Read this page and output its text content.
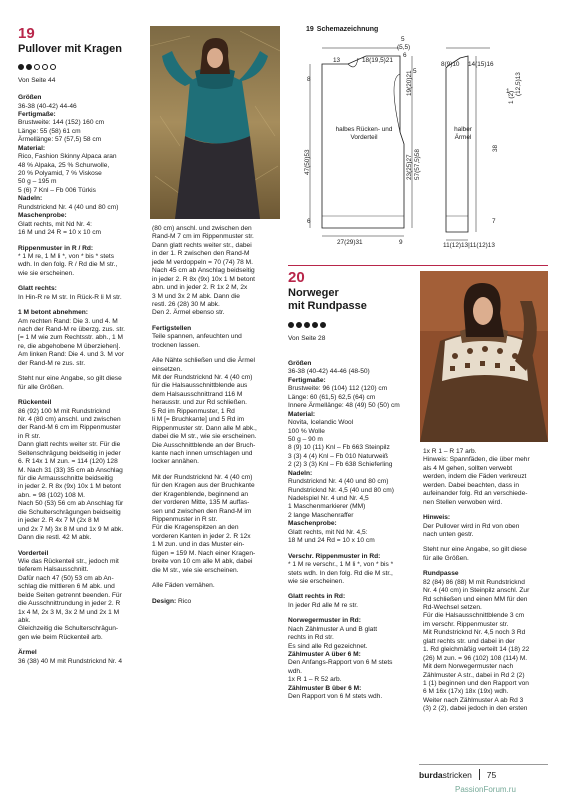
19
Pullover mit Kragen
Von Seite 44
Größen
36-38 (40-42) 44-46
Fertigmaße:
Brustweite: 144 (152) 160 cm
Länge: 55 (58) 61 cm
Ärmellänge: 57 (57,5) 58 cm
Material:
Rico, Fashion Skinny Alpaca aran
48 % Alpaka, 25 % Schurwolle,
20 % Polyamid, 7 % Viskose
50 g – 195 m
5 (6) 7 Knl – Fb 006 Türkis
Nadeln:
Rundstricknd Nr. 4 (40 und 80 cm)
Maschenprobe:
Glatt rechts, mit Nd Nr. 4:
16 M und 24 R = 10 x 10 cm
Rippenmuster in R / Rd:
* 1 M re, 1 M li *, von * bis * stets
wdh. In den folg. R / Rd die M str.,
wie sie erscheinen.
Glatt rechts:
In Hin-R re M str. In Rück-R li M str.
1 M betont abnehmen:
Am rechten Rand: Die 3. und 4. M
nach der Rand-M re überzg. zus. str.
[= 1 M wie zum Rechtsstr. abh., 1 M
re, die abgehobene M überziehen].
Am linken Rand: Die 4. und 3. M vor
der Rand-M re zus. str.
Steht nur eine Angabe, so gilt diese
für alle Größen.
Rückenteil
86 (92) 100 M mit Rundstricknd
Nr. 4 (80 cm) anschl. und zwischen
der Rand-M 6 cm im Rippenmuster
in R str.
Dann glatt rechts weiter str. Für die
Seitenschrägung beidseitig in jeder
6. R 14x 1 M zun. = 114 (120) 128
M. Nach 31 (33) 35 cm ab Anschlag
für die Armausschnitte beidseitig
in jeder 2. R 8x (9x) 10x 1 M betont
abn. = 98 (102) 108 M.
Nach 50 (53) 56 cm ab Anschlag für
die Schulterschrägungen beidseitig
in jeder 2. R 4x 7 M (2x 8 M
und 2x 7 M) 3x 8 M und 1x 9 M abk.
Dann die restl. 42 M abk.
Vorderteil
Wie das Rückenteil str., jedoch mit
tieferem Halsausschnitt.
Dafür nach 47 (50) 53 cm ab An-
schlag die mittleren 6 M abk. und
beide Seiten getrennt beenden. Für
die Ausschnittrundung in jeder 2. R
1x 4 M, 2x 3 M, 3x 2 M und 2x 1 M
abk.
Gleichzeitig die Schulterschrägun-
gen wie beim Rückenteil arb.
Ärmel
36 (38) 40 M mit Rundstricknd Nr. 4
(80 cm) anschl. und zwischen den
Rand-M 7 cm im Rippenmuster str.
Dann glatt rechts weiter str., dabei
in der 1. R zwischen den Rand-M
jede M verdoppeln = 70 (74) 78 M.
Nach 45 cm ab Anschlag beidseitig
in jeder 2. R 8x (9x) 10x 1 M betont
abn. und in jeder 2. R 1x 2 M, 2x
3 M und 3x 2 M abk. Dann die
restl. 26 (28) 30 M abk.
Den 2. Ärmel ebenso str.
Fertigstellen
Teile spannen, anfeuchten und
trocknen lassen.
Alle Nähte schließen und die Ärmel
einsetzen.
Mit der Rundstricknd Nr. 4 (40 cm)
für die Halsausschnittblende aus
dem Halsausschnittrand 116 M
herausstr. und zur Rd schließen.
5 Rd im Rippenmuster, 1 Rd
li M [= Bruchkante] und 5 Rd im
Rippenmuster str. Dann alle M abk.,
dabei die M str., wie sie erscheinen.
Die Ausschnittblende an der Bruch-
kante nach innen umschlagen und
locker annähen.
Mit der Rundstricknd Nr. 4 (40 cm)
für den Kragen aus der Bruchkante
der Kragenblende, beginnend an
der vorderen Mitte, 135 M auffas-
sen und zwischen den Rand-M im
Rippenmuster in R str.
Für die Kragenspitzen an den
vorderen Kanten in jeder 2. R 12x
1 M zun. und in das Muster ein-
fügen = 159 M. Nach einer Kragen-
breite von 10 cm alle M abk, dabei
die M str., wie sie erscheinen.
Alle Fäden vernähen.
Design: Rico
19 Schemazeichnung
5
(5,5)
6
13	18(19,5)21
5
8	19(20)21
47(50)53	23(25)27 57(57,5)58
6
halbes Rücken- und Vorderteil
27(29)31	9
8(9)10 14(15)16
1
1 (2)
(12,5)13
38
halber Ärmel
7
11(12)13|11(12)13
20
Norweger
mit Rundpasse
Von Seite 28
Größen
36-38 (40-42) 44-46 (48-50)
Fertigmaße:
Brustweite: 96 (104) 112 (120) cm
Länge: 60 (61,5) 62,5 (64) cm
Innere Ärmellänge: 48 (49) 50 (50) cm
Material:
Novita, Icelandic Wool
100 % Wolle
50 g – 90 m
8 (9) 10 (11) Knl – Fb 663 Steinpilz
3 (3) 4 (4) Knl – Fb 010 Naturweiß
2 (2) 3 (3) Knl – Fb 638 Schieferling
Nadeln:
Rundstricknd Nr. 4 (40 und 80 cm)
Rundstricknd Nr. 4,5 (40 und 80 cm)
Nadelspiel Nr. 4 und Nr. 4,5
1 Maschenmarkierer (MM)
2 lange Maschenraffer
Maschenprobe:
Glatt rechts, mit Nd Nr. 4,5:
18 M und 24 Rd = 10 x 10 cm
Verschr. Rippenmuster in Rd:
* 1 M re verschr., 1 M li *, von * bis *
stets wdh. In den folg. Rd die M str.,
wie sie erscheinen.
Glatt rechts in Rd:
In jeder Rd alle M re str.
Norwegermuster in Rd:
Nach Zählmuster A und B glatt
rechts in Rd str.
Es sind alle Rd gezeichnet.
Zählmuster A über 6 M:
Den Anfangs-Rapport von 6 M stets
wdh.
1x R 1 – R 52 arb.
Zählmuster B über 6 M:
Den Rapport von 6 M stets wdh.
1x R 1 – R 17 arb.
Hinweis: Spannfäden, die über mehr
als 4 M gehen, sollten verwebt
werden, indem die Fäden verkreuzt
werden. Dabei beachten, dass in
aufeinander folg. Rd an verschiede-
nen Stellen verwoben wird.
Hinweis:
Der Pullover wird in Rd von oben
nach unten gestr.
Steht nur eine Angabe, so gilt diese
für alle Größen.
Rundpasse
82 (84) 86 (88) M mit Rundstricknd
Nr. 4 (40 cm) in Steinpilz anschl. Zur
Rd schließen und einen MM für den
Rd-Wechsel setzen.
Für die Halsausschnittblende 3 cm
im verschr. Rippenmuster str.
Mit Rundstricknd Nr. 4,5 noch 3 Rd
glatt rechts str. und dabei in der
1. Rd gleichmäßig verteilt 14 (18) 22
(26) M zun. = 96 (102) 108 (114) M.
Mit dem Norwegermuster nach
Zählmuster A str., dabei in Rd 2 (2)
1 (1) beginnen und den Rapport von
6 M 16x (17x) 18x (19x) wdh.
Weiter nach Zählmuster A ab Rd 3
(3) 2 (2), dabei jedoch in den ersten
burdastricken 75
PassionForum.ru
